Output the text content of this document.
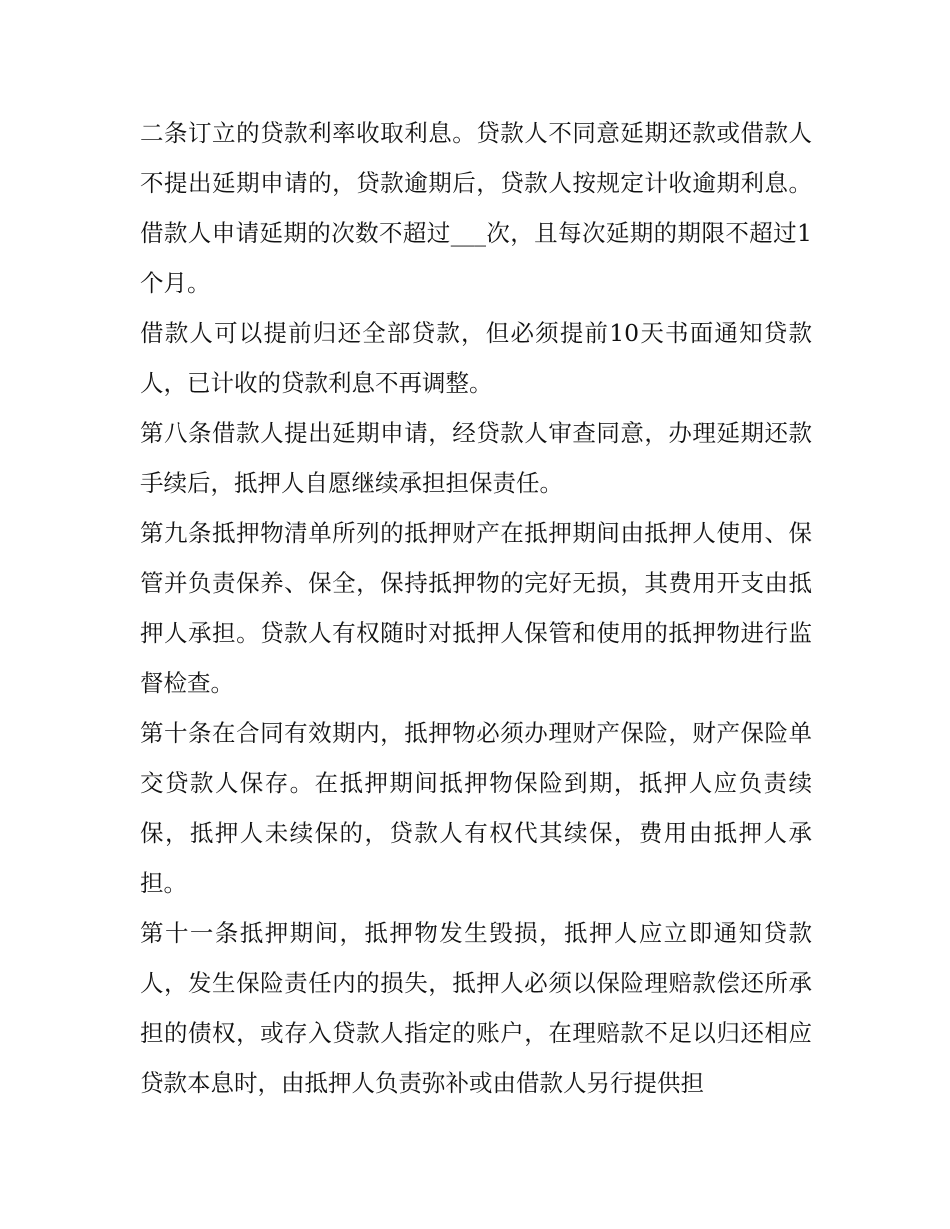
二条订立的贷款利率收取利息。贷款人不同意延期还款或借款人不提出延期申请的，贷款逾期后，贷款人按规定计收逾期利息。借款人申请延期的次数不超过___次，且每次延期的期限不超过1个月。

借款人可以提前归还全部贷款，但必须提前10天书面通知贷款人，已计收的贷款利息不再调整。

第八条借款人提出延期申请，经贷款人审查同意，办理延期还款手续后，抵押人自愿继续承担担保责任。

第九条抵押物清单所列的抵押财产在抵押期间由抵押人使用、保管并负责保养、保全，保持抵押物的完好无损，其费用开支由抵押人承担。贷款人有权随时对抵押人保管和使用的抵押物进行监督检查。

第十条在合同有效期内，抵押物必须办理财产保险，财产保险单交贷款人保存。在抵押期间抵押物保险到期，抵押人应负责续保，抵押人未续保的，贷款人有权代其续保，费用由抵押人承担。

第十一条抵押期间，抵押物发生毁损，抵押人应立即通知贷款人，发生保险责任内的损失，抵押人必须以保险理赔款偿还所承担的债权，或存入贷款人指定的账户，在理赔款不足以归还相应贷款本息时，由抵押人负责弥补或由借款人另行提供担
